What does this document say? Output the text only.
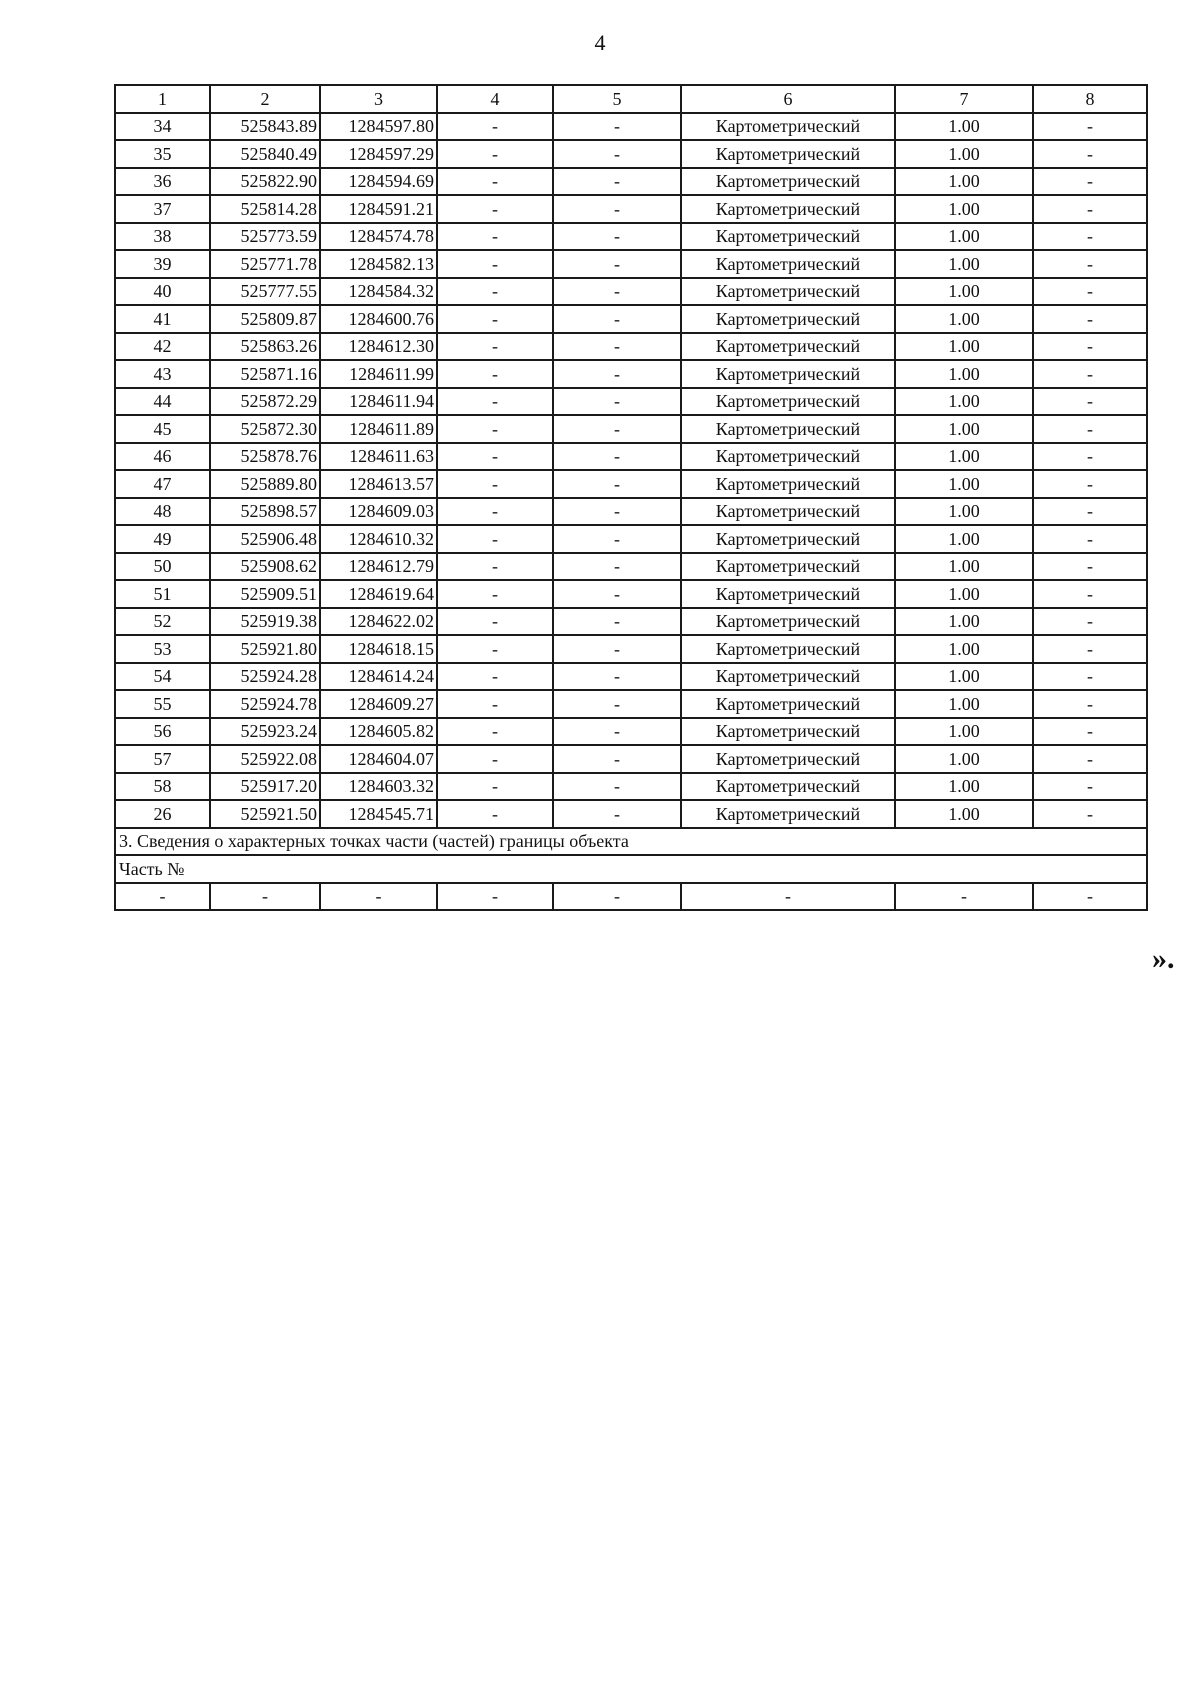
4
1	2	3	4	5	6	7	8
34	525843.89	1284597.80	-	-	Картометрический	1.00	-
35	525840.49	1284597.29	-	-	Картометрический	1.00	-
36	525822.90	1284594.69	-	-	Картометрический	1.00	-
37	525814.28	1284591.21	-	-	Картометрический	1.00	-
38	525773.59	1284574.78	-	-	Картометрический	1.00	-
39	525771.78	1284582.13	-	-	Картометрический	1.00	-
40	525777.55	1284584.32	-	-	Картометрический	1.00	-
41	525809.87	1284600.76	-	-	Картометрический	1.00	-
42	525863.26	1284612.30	-	-	Картометрический	1.00	-
43	525871.16	1284611.99	-	-	Картометрический	1.00	-
44	525872.29	1284611.94	-	-	Картометрический	1.00	-
45	525872.30	1284611.89	-	-	Картометрический	1.00	-
46	525878.76	1284611.63	-	-	Картометрический	1.00	-
47	525889.80	1284613.57	-	-	Картометрический	1.00	-
48	525898.57	1284609.03	-	-	Картометрический	1.00	-
49	525906.48	1284610.32	-	-	Картометрический	1.00	-
50	525908.62	1284612.79	-	-	Картометрический	1.00	-
51	525909.51	1284619.64	-	-	Картометрический	1.00	-
52	525919.38	1284622.02	-	-	Картометрический	1.00	-
53	525921.80	1284618.15	-	-	Картометрический	1.00	-
54	525924.28	1284614.24	-	-	Картометрический	1.00	-
55	525924.78	1284609.27	-	-	Картометрический	1.00	-
56	525923.24	1284605.82	-	-	Картометрический	1.00	-
57	525922.08	1284604.07	-	-	Картометрический	1.00	-
58	525917.20	1284603.32	-	-	Картометрический	1.00	-
26	525921.50	1284545.71	-	-	Картометрический	1.00	-
3. Сведения о характерных точках части (частей) границы объекта							
Часть №							
-	-	-	-	-	-	-	-
».
